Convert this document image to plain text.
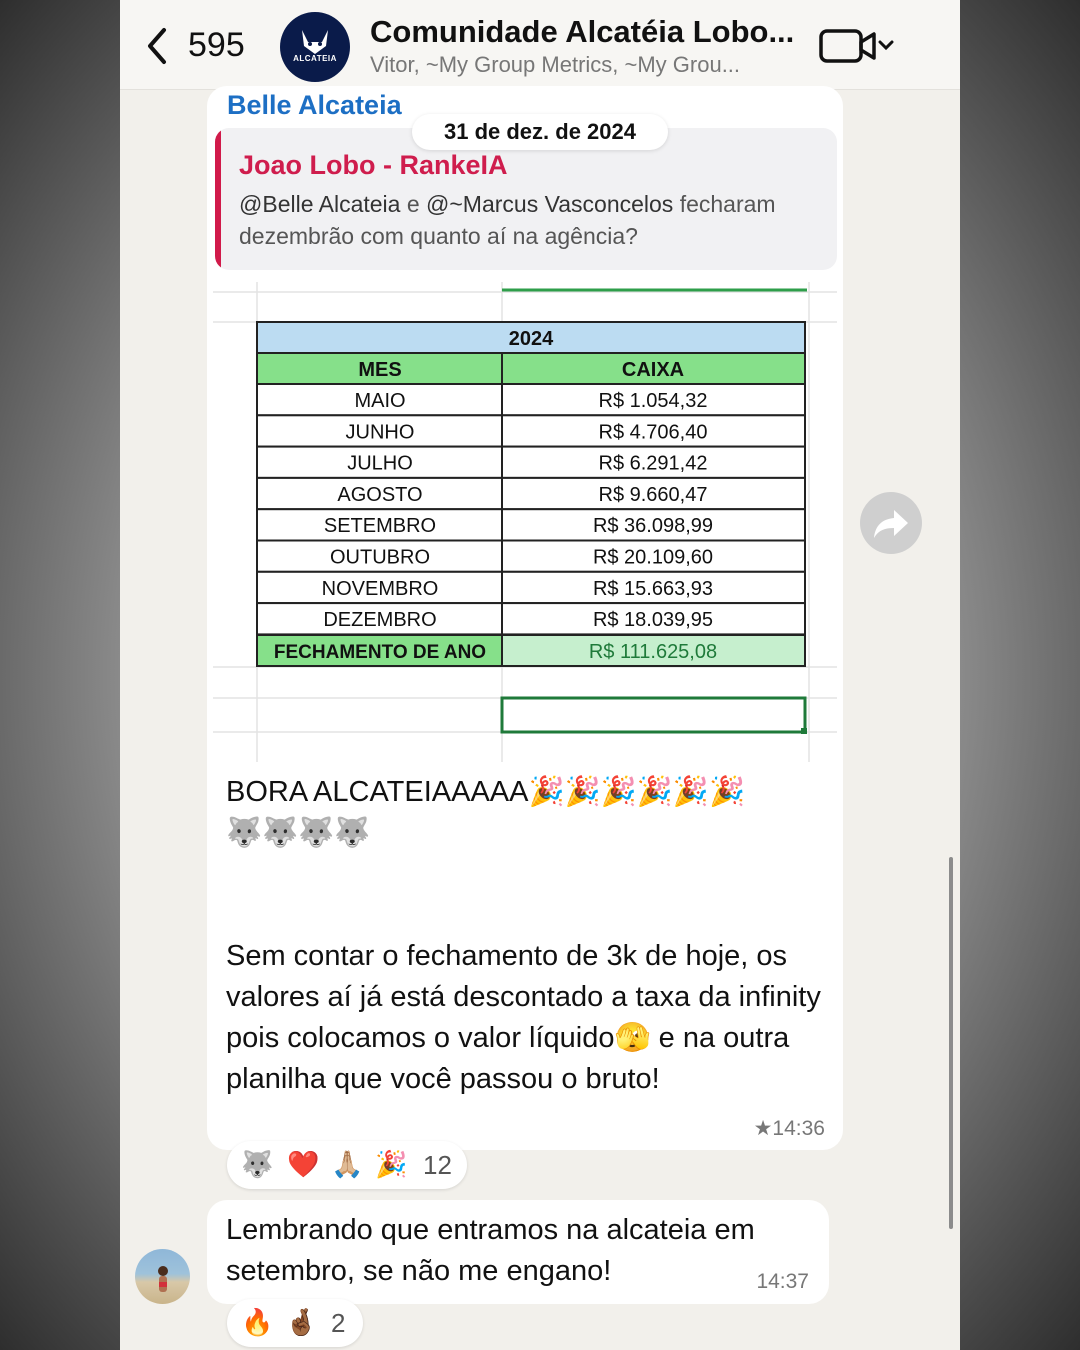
595	ALCATEIA
Comunidade Alcatéia Lobo...
Vitor, ~My Group Metrics, ~My Grou...
31 de dez. de 2024
Belle Alcateia
Joao Lobo - RankeIA
@Belle Alcateia e @~Marcus Vasconcelos fecharam dezembrão com quanto aí na agência?
2024
MES	CAIXA
MAIO	R$ 1.054,32
JUNHO	R$ 4.706,40
JULHO	R$ 6.291,42
AGOSTO	R$ 9.660,47
SETEMBRO	R$ 36.098,99
OUTUBRO	R$ 20.109,60
NOVEMBRO	R$ 15.663,93
DEZEMBRO	R$ 18.039,95
FECHAMENTO DE ANO	R$ 111.625,08
BORA ALCATEIAAAAA🎉🎉🎉🎉🎉🎉
🐺🐺🐺🐺

Sem contar o fechamento de 3k de hoje, os valores aí já está descontado a taxa da infinity pois colocamos o valor líquido🫣 e na outra planilha que você passou o bruto!
★14:36
🐺 ❤️ 🙏🏼 🎉 12
Lembrando que entramos na alcateia em setembro, se não me engano!	14:37
🔥 🤞🏾 2
